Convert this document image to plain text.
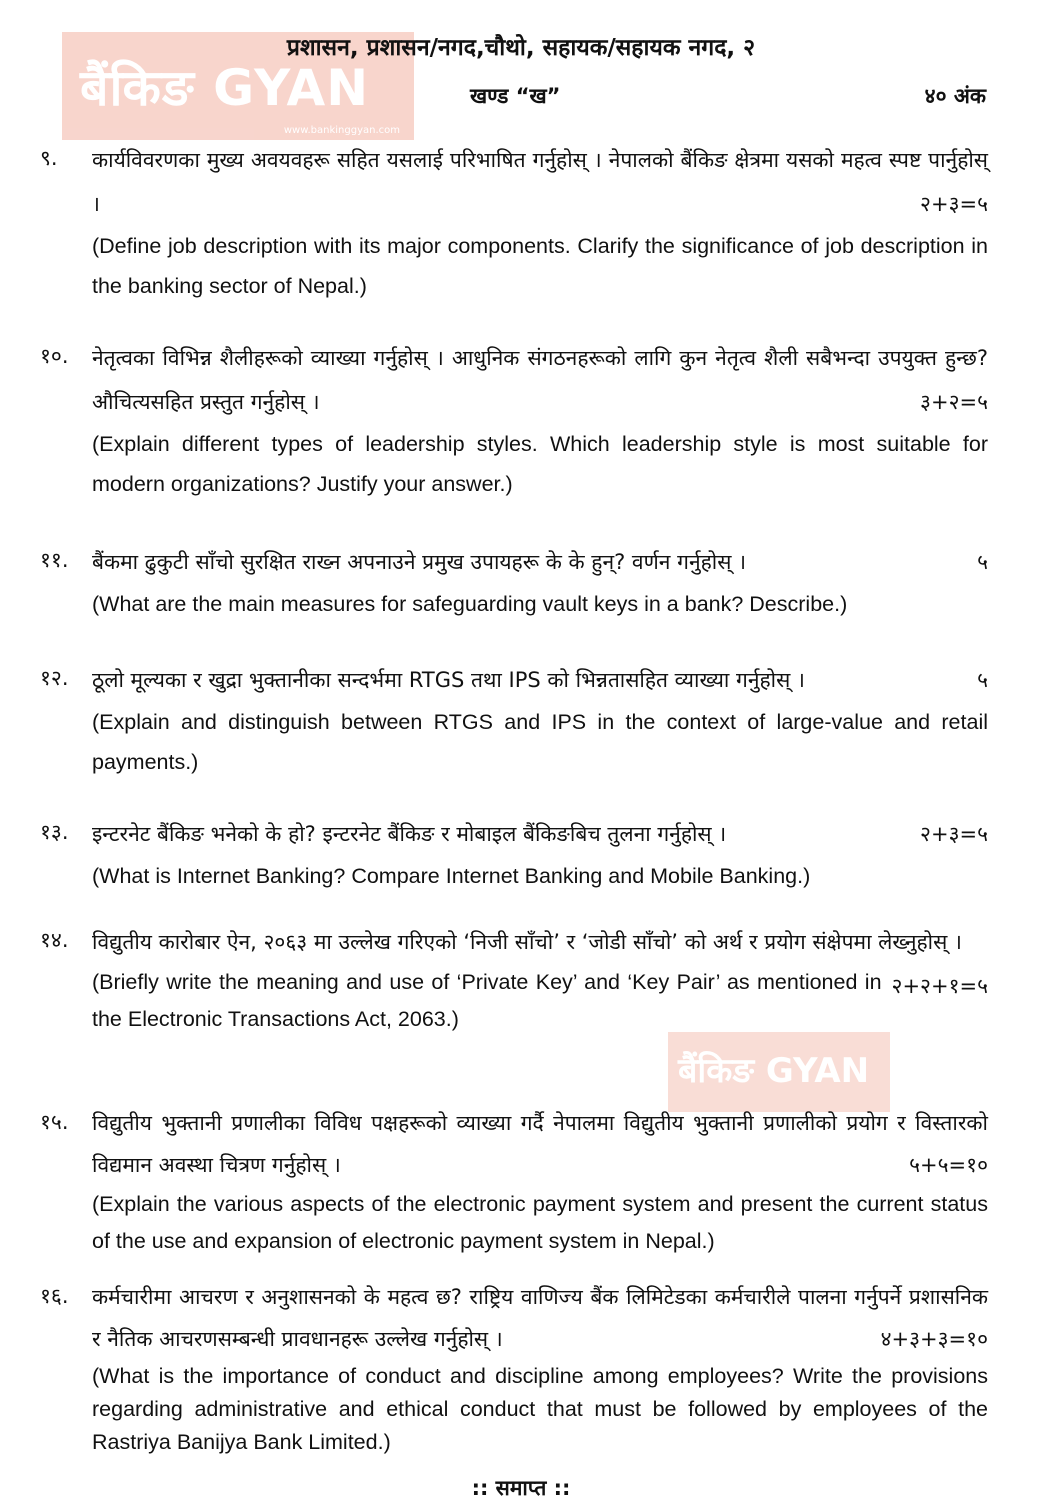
बैंकिङ GYAN
www.bankinggyan.com
बैंकिङ GYAN
प्रशासन, प्रशासन/नगद,चौथो, सहायक/सहायक नगद, २
खण्ड “ख”	४० अंक
९. कार्यविवरणका मुख्य अवयवहरू सहित यसलाई परिभाषित गर्नुहोस् । नेपालको बैंकिङ क्षेत्रमा यसको महत्व स्पष्ट पार्नुहोस् ।	२+३=५
(Define job description with its major components. Clarify the significance of job description in the banking sector of Nepal.)
१०. नेतृत्वका विभिन्न शैलीहरूको व्याख्या गर्नुहोस् । आधुनिक संगठनहरूको लागि कुन नेतृत्व शैली सबैभन्दा उपयुक्त हुन्छ? औचित्यसहित प्रस्तुत गर्नुहोस् ।	३+२=५
(Explain different types of leadership styles. Which leadership style is most suitable for modern organizations? Justify your answer.)
११. बैंकमा ढुकुटी साँचो सुरक्षित राख्न अपनाउने प्रमुख उपायहरू के के हुन्? वर्णन गर्नुहोस् ।	५
(What are the main measures for safeguarding vault keys in a bank? Describe.)
१२. ठूलो मूल्यका र खुद्रा भुक्तानीका सन्दर्भमा RTGS तथा IPS को भिन्नतासहित व्याख्या गर्नुहोस् ।	५
(Explain and distinguish between RTGS and IPS in the context of large-value and retail payments.)
१३. इन्टरनेट बैंकिङ भनेको के हो? इन्टरनेट बैंकिङ र मोबाइल बैंकिङबिच तुलना गर्नुहोस् ।	२+३=५
(What is Internet Banking? Compare Internet Banking and Mobile Banking.)
१४. विद्युतीय कारोबार ऐन, २०६३ मा उल्लेख गरिएको ‘निजी साँचो’ र ‘जोडी साँचो’ को अर्थ र प्रयोग संक्षेपमा लेख्नुहोस् ।
२+२+१=५
(Briefly write the meaning and use of ‘Private Key’ and ‘Key Pair’ as mentioned in the Electronic Transactions Act, 2063.)
१५. विद्युतीय भुक्तानी प्रणालीका विविध पक्षहरूको व्याख्या गर्दै नेपालमा विद्युतीय भुक्तानी प्रणालीको प्रयोग र विस्तारको विद्यमान अवस्था चित्रण गर्नुहोस् ।	५+५=१०
(Explain the various aspects of the electronic payment system and present the current status of the use and expansion of electronic payment system in Nepal.)
१६. कर्मचारीमा आचरण र अनुशासनको के महत्व छ? राष्ट्रिय वाणिज्य बैंक लिमिटेडका कर्मचारीले पालना गर्नुपर्ने प्रशासनिक र नैतिक आचरणसम्बन्धी प्रावधानहरू उल्लेख गर्नुहोस् ।	४+३+३=१०
(What is the importance of conduct and discipline among employees? Write the provisions regarding administrative and ethical conduct that must be followed by employees of the Rastriya Banijya Bank Limited.)
:: समाप्त ::
